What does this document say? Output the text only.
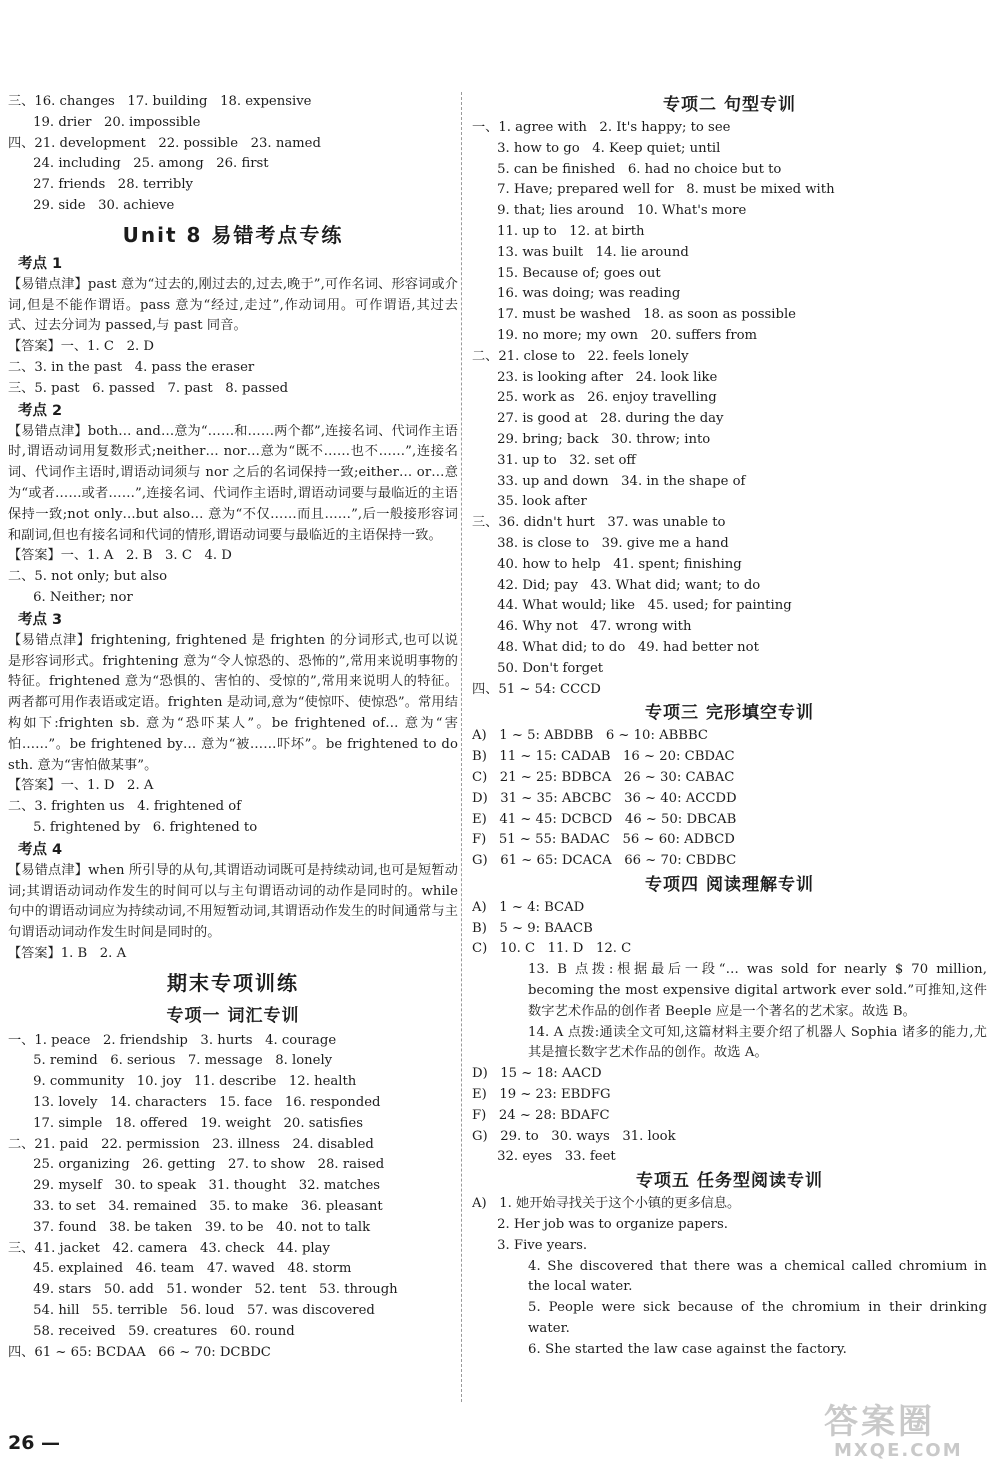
三、16. changes   17. building   18. expensive
19. drier   20. impossible
四、21. development   22. possible   23. named
24. including   25. among   26. first
27. friends   28. terribly
29. side   30. achieve
Unit 8 易错考点专练
考点 1
【易错点津】past 意为“过去的,刚过去的,过去,晚于”,可作名词、形容词或介词,但是不能作谓语。pass 意为“经过,走过”,作动词用。可作谓语,其过去式、过去分词为 passed,与 past 同音。
【答案】一、1. C   2. D
二、3. in the past   4. pass the eraser
三、5. past   6. passed   7. past   8. passed
考点 2
【易错点津】both… and…意为“……和……两个都”,连接名词、代词作主语时,谓语动词用复数形式;neither… nor…意为“既不……也不……”,连接名词、代词作主语时,谓语动词须与 nor 之后的名词保持一致;either… or…意为“或者……或者……”,连接名词、代词作主语时,谓语动词要与最临近的主语保持一致;not only…but also… 意为“不仅……而且……”,后一般接形容词和副词,但也有接名词和代词的情形,谓语动词要与最临近的主语保持一致。
【答案】一、1. A   2. B   3. C   4. D
二、5. not only; but also
6. Neither; nor
考点 3
【易错点津】frightening, frightened 是 frighten 的分词形式,也可以说是形容词形式。frightening 意为“令人惊恐的、恐怖的”,常用来说明事物的特征。frightened 意为“恐惧的、害怕的、受惊的”,常用来说明人的特征。两者都可用作表语或定语。frighten 是动词,意为“使惊吓、使惊恐”。常用结构如下:frighten sb. 意为“恐吓某人”。be frightened of… 意为“害怕……”。be frightened by… 意为“被……吓坏”。be frightened to do sth. 意为“害怕做某事”。
【答案】一、1. D   2. A
二、3. frighten us   4. frightened of
5. frightened by   6. frightened to
考点 4
【易错点津】when 所引导的从句,其谓语动词既可是持续动词,也可是短暂动词;其谓语动词动作发生的时间可以与主句谓语动词的动作是同时的。while 句中的谓语动词应为持续动词,不用短暂动词,其谓语动作发生的时间通常与主句谓语动词动作发生时间是同时的。
【答案】1. B   2. A
期末专项训练
专项一 词汇专训
一、1. peace   2. friendship   3. hurts   4. courage
5. remind   6. serious   7. message   8. lonely
9. community   10. joy   11. describe   12. health
13. lovely   14. characters   15. face   16. responded
17. simple   18. offered   19. weight   20. satisfies
二、21. paid   22. permission   23. illness   24. disabled
25. organizing   26. getting   27. to show   28. raised
29. myself   30. to speak   31. thought   32. matches
33. to set   34. remained   35. to make   36. pleasant
37. found   38. be taken   39. to be   40. not to talk
三、41. jacket   42. camera   43. check   44. play
45. explained   46. team   47. waved   48. storm
49. stars   50. add   51. wonder   52. tent   53. through
54. hill   55. terrible   56. loud   57. was discovered
58. received   59. creatures   60. round
四、61 ~ 65: BCDAA   66 ~ 70: DCBDC
专项二 句型专训
一、1. agree with   2. It's happy; to see
3. how to go   4. Keep quiet; until
5. can be finished   6. had no choice but to
7. Have; prepared well for   8. must be mixed with
9. that; lies around   10. What's more
11. up to   12. at birth
13. was built   14. lie around
15. Because of; goes out
16. was doing; was reading
17. must be washed   18. as soon as possible
19. no more; my own   20. suffers from
二、21. close to   22. feels lonely
23. is looking after   24. look like
25. work as   26. enjoy travelling
27. is good at   28. during the day
29. bring; back   30. throw; into
31. up to   32. set off
33. up and down   34. in the shape of
35. look after
三、36. didn't hurt   37. was unable to
38. is close to   39. give me a hand
40. how to help   41. spent; finishing
42. Did; pay   43. What did; want; to do
44. What would; like   45. used; for painting
46. Why not   47. wrong with
48. What did; to do   49. had better not
50. Don't forget
四、51 ~ 54: CCCD
专项三 完形填空专训
A)   1 ~ 5: ABDBB   6 ~ 10: ABBBC
B)   11 ~ 15: CADAB   16 ~ 20: CBDAC
C)   21 ~ 25: BDBCA   26 ~ 30: CABAC
D)   31 ~ 35: ABCBC   36 ~ 40: ACCDD
E)   41 ~ 45: DCBCD   46 ~ 50: DBCAB
F)   51 ~ 55: BADAC   56 ~ 60: ADBCD
G)   61 ~ 65: DCACA   66 ~ 70: CBDBC
专项四 阅读理解专训
A)   1 ~ 4: BCAD
B)   5 ~ 9: BAACB
C)   10. C   11. D   12. C
13. B 点拨:根据最后一段“… was sold for nearly $ 70 million, becoming the most expensive digital artwork ever sold.”可推知,这件数字艺术作品的创作者 Beeple 应是一个著名的艺术家。故选 B。
14. A 点拨:通读全文可知,这篇材料主要介绍了机器人 Sophia 诸多的能力,尤其是擅长数字艺术作品的创作。故选 A。
D)   15 ~ 18: AACD
E)   19 ~ 23: EBDFG
F)   24 ~ 28: BDAFC
G)   29. to   30. ways   31. look
32. eyes   33. feet
专项五 任务型阅读专训
A)   1. 她开始寻找关于这个小镇的更多信息。
2. Her job was to organize papers.
3. Five years.
4. She discovered that there was a chemical called chromium in the local water.
5. People were sick because of the chromium in their drinking water.
6. She started the law case against the factory.
26 —
答案圈
MXQE.COM
